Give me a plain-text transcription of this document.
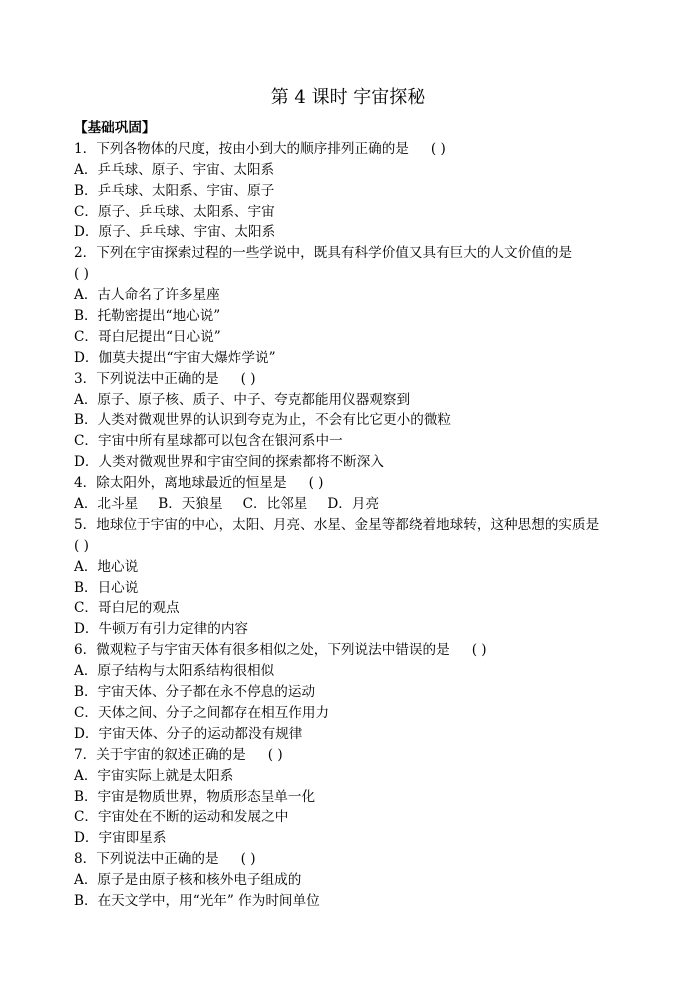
第 4 课时 宇宙探秘
【基础巩固】
1．下列各物体的尺度，按由小到大的顺序排列正确的是 ( )
A．乒乓球、原子、宇宙、太阳系
B．乒乓球、太阳系、宇宙、原子
C．原子、乒乓球、太阳系、宇宙
D．原子、乒乓球、宇宙、太阳系
2．下列在宇宙探索过程的一些学说中，既具有科学价值又具有巨大的人文价值的是
( )
A．古人命名了许多星座
B．托勒密提出“地心说”
C．哥白尼提出“日心说”
D．伽莫夫提出“宇宙大爆炸学说”
3．下列说法中正确的是 ( )
A．原子、原子核、质子、中子、夸克都能用仪器观察到
B．人类对微观世界的认识到夸克为止，不会有比它更小的微粒
C．宇宙中所有星球都可以包含在银河系中一
D．人类对微观世界和宇宙空间的探索都将不断深入
4．除太阳外，离地球最近的恒星是 ( )
A．北斗星 B．天狼星 C．比邻星 D．月亮
5．地球位于宇宙的中心，太阳、月亮、水星、金星等都绕着地球转，这种思想的实质是
( )
A．地心说
B．日心说
C．哥白尼的观点
D．牛顿万有引力定律的内容
6．微观粒子与宇宙天体有很多相似之处，下列说法中错误的是 ( )
A．原子结构与太阳系结构很相似
B．宇宙天体、分子都在永不停息的运动
C．天体之间、分子之间都存在相互作用力
D．宇宙天体、分子的运动都没有规律
7．关于宇宙的叙述正确的是 ( )
A．宇宙实际上就是太阳系
B．宇宙是物质世界，物质形态呈单一化
C．宇宙处在不断的运动和发展之中
D．宇宙即星系
8．下列说法中正确的是 ( )
A．原子是由原子核和核外电子组成的
B．在天文学中，用“光年” 作为时间单位
